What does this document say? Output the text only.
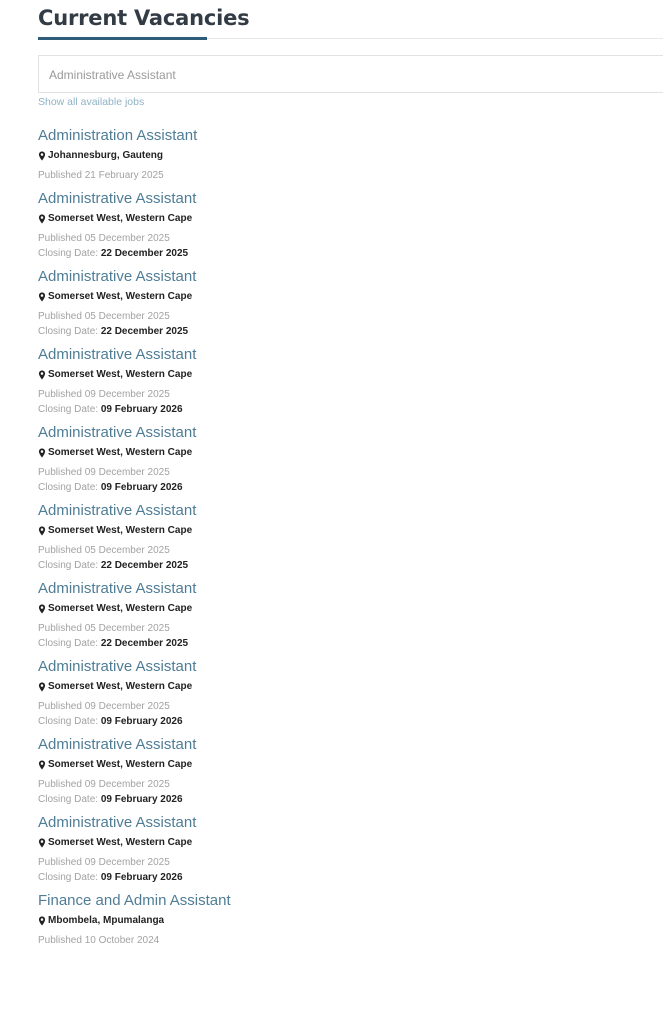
Current Vacancies
Administrative Assistant
Show all available jobs
Administration Assistant
Johannesburg, Gauteng
Published 21 February 2025
Administrative Assistant
Somerset West, Western Cape
Published 05 December 2025
Closing Date: 22 December 2025
Administrative Assistant
Somerset West, Western Cape
Published 05 December 2025
Closing Date: 22 December 2025
Administrative Assistant
Somerset West, Western Cape
Published 09 December 2025
Closing Date: 09 February 2026
Administrative Assistant
Somerset West, Western Cape
Published 09 December 2025
Closing Date: 09 February 2026
Administrative Assistant
Somerset West, Western Cape
Published 05 December 2025
Closing Date: 22 December 2025
Administrative Assistant
Somerset West, Western Cape
Published 05 December 2025
Closing Date: 22 December 2025
Administrative Assistant
Somerset West, Western Cape
Published 09 December 2025
Closing Date: 09 February 2026
Administrative Assistant
Somerset West, Western Cape
Published 09 December 2025
Closing Date: 09 February 2026
Administrative Assistant
Somerset West, Western Cape
Published 09 December 2025
Closing Date: 09 February 2026
Finance and Admin Assistant
Mbombela, Mpumalanga
Published 10 October 2024
